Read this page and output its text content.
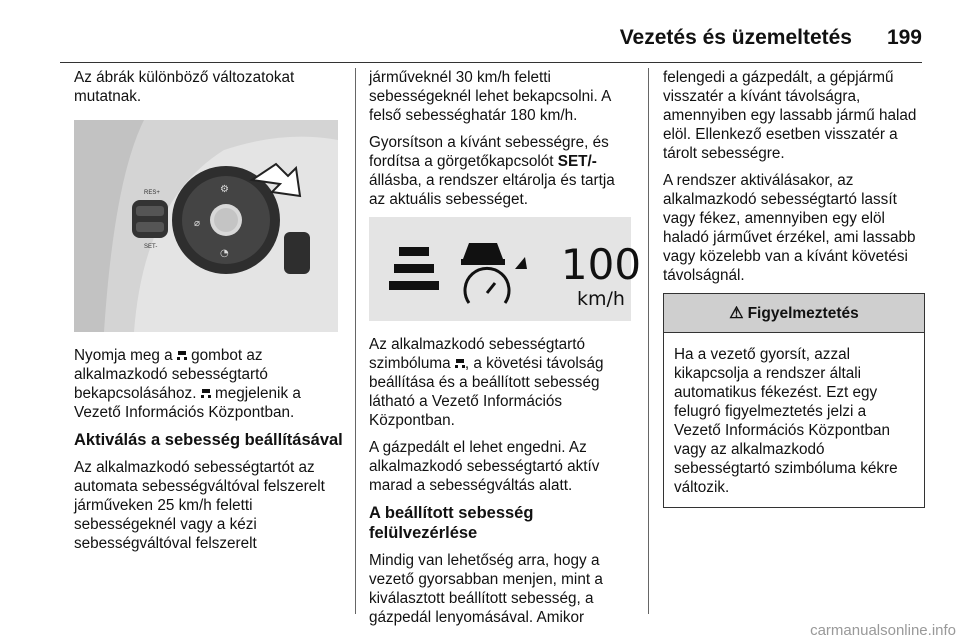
Vezetés és üzemeltetés 199

Az ábrák különböző változatokat mutatnak.

RES+
SET-
⚙
⌀
◔

Nyomja meg a  gombot az alkalmazkodó sebességtartó bekapcsolásához.  megjelenik a Vezető Információs Központban.

Aktiválás a sebesség beállításával

Az alkalmazkodó sebességtartót az automata sebességváltóval felszerelt járműveken 25 km/h feletti sebességeknél vagy a kézi sebességváltóval felszerelt

járműveknél 30 km/h feletti sebességeknél lehet bekapcsolni. A felső sebességhatár 180 km/h.

Gyorsítson a kívánt sebességre, és fordítsa a görgetőkapcsolót SET/- állásba, a rendszer eltárolja és tartja az aktuális sebességet.

100
km/h

Az alkalmazkodó sebességtartó szimbóluma , a követési távolság beállítása és a beállított sebesség látható a Vezető Információs Központban.

A gázpedált el lehet engedni. Az alkalmazkodó sebességtartó aktív marad a sebességváltás alatt.

A beállított sebesség felülvezérlése

Mindig van lehetőség arra, hogy a vezető gyorsabban menjen, mint a kiválasztott beállított sebesség, a gázpedál lenyomásával. Amikor

felengedi a gázpedált, a gépjármű visszatér a kívánt távolságra, amennyiben egy lassabb jármű halad elöl. Ellenkező esetben visszatér a tárolt sebességre.

A rendszer aktiválásakor, az alkalmazkodó sebességtartó lassít vagy fékez, amennyiben egy elöl haladó járművet érzékel, ami lassabb vagy közelebb van a kívánt követési távolságnál.

⚠ Figyelmeztetés
Ha a vezető gyorsít, azzal kikapcsolja a rendszer általi automatikus fékezést. Ezt egy felugró figyelmeztetés jelzi a Vezető Információs Központban vagy az alkalmazkodó sebességtartó szimbóluma kékre változik.
carmanualsonline.info
